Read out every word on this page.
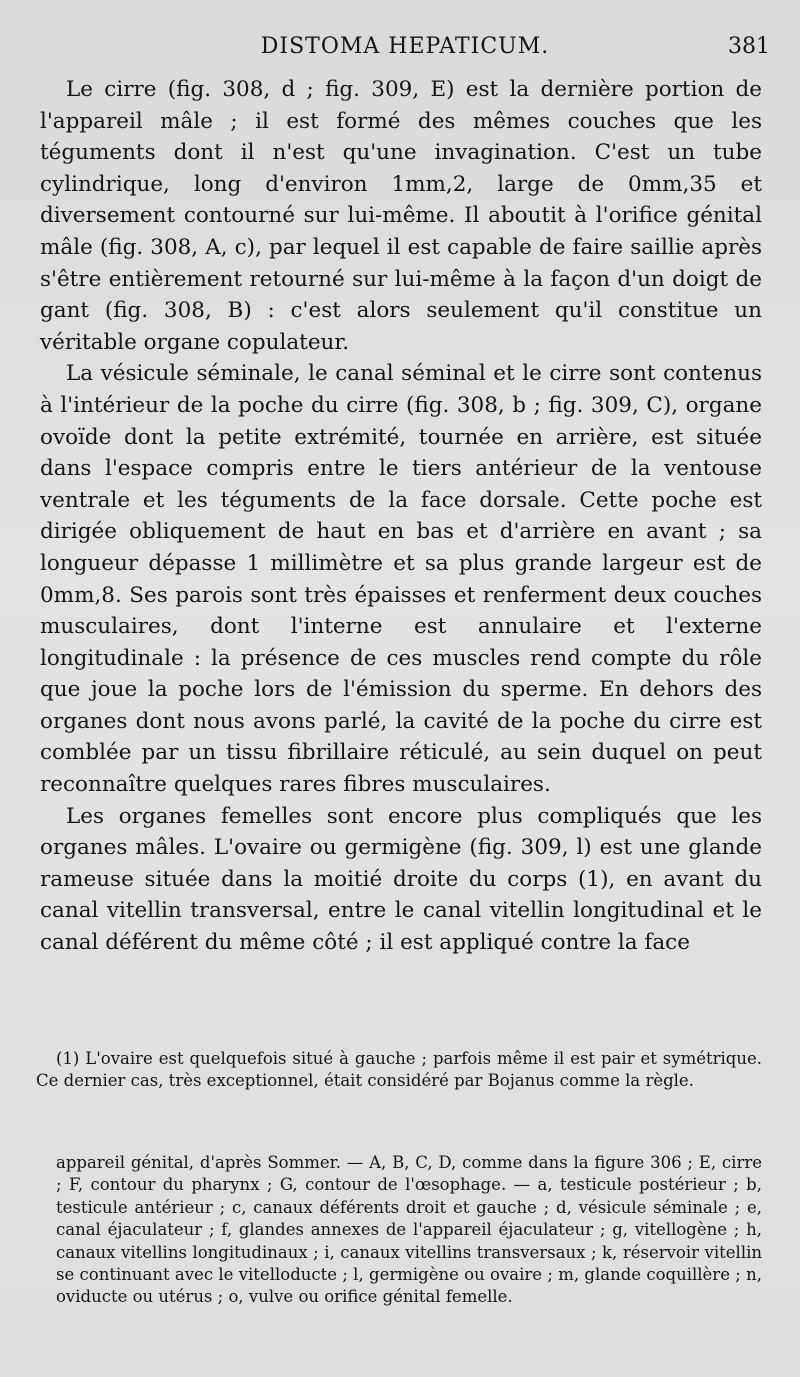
DISTOMA HEPATICUM.	381

Le cirre (fig. 308, d ; fig. 309, E) est la dernière portion de l'appareil mâle ; il est formé des mêmes couches que les téguments dont il n'est qu'une invagination. C'est un tube cylindrique, long d'environ 1mm,2, large de 0mm,35 et diversement contourné sur lui-même. Il aboutit à l'orifice génital mâle (fig. 308, A, c), par lequel il est capable de faire saillie après s'être entièrement retourné sur lui-même à la façon d'un doigt de gant (fig. 308, B) : c'est alors seulement qu'il constitue un véritable organe copulateur.

La vésicule séminale, le canal séminal et le cirre sont contenus à l'intérieur de la poche du cirre (fig. 308, b ; fig. 309, C), organe ovoïde dont la petite extrémité, tournée en arrière, est située dans l'espace compris entre le tiers antérieur de la ventouse ventrale et les téguments de la face dorsale. Cette poche est dirigée obliquement de haut en bas et d'arrière en avant ; sa longueur dépasse 1 millimètre et sa plus grande largeur est de 0mm,8. Ses parois sont très épaisses et renferment deux couches musculaires, dont l'interne est annulaire et l'externe longitudinale : la présence de ces muscles rend compte du rôle que joue la poche lors de l'émission du sperme. En dehors des organes dont nous avons parlé, la cavité de la poche du cirre est comblée par un tissu fibrillaire réticulé, au sein duquel on peut reconnaître quelques rares fibres musculaires.

Les organes femelles sont encore plus compliqués que les organes mâles. L'ovaire ou germigène (fig. 309, l) est une glande rameuse située dans la moitié droite du corps (1), en avant du canal vitellin transversal, entre le canal vitellin longitudinal et le canal déférent du même côté ; il est appliqué contre la face

(1) L'ovaire est quelquefois situé à gauche ; parfois même il est pair et symétrique. Ce dernier cas, très exceptionnel, était considéré par Bojanus comme la règle.

appareil génital, d'après Sommer. — A, B, C, D, comme dans la figure 306 ; E, cirre ; F, contour du pharynx ; G, contour de l'œsophage. — a, testicule postérieur ; b, testicule antérieur ; c, canaux déférents droit et gauche ; d, vésicule séminale ; e, canal éjaculateur ; f, glandes annexes de l'appareil éjaculateur ; g, vitellogène ; h, canaux vitellins longitudinaux ; i, canaux vitellins transversaux ; k, réservoir vitellin se continuant avec le vitelloducte ; l, germigène ou ovaire ; m, glande coquillère ; n, oviducte ou utérus ; o, vulve ou orifice génital femelle.
